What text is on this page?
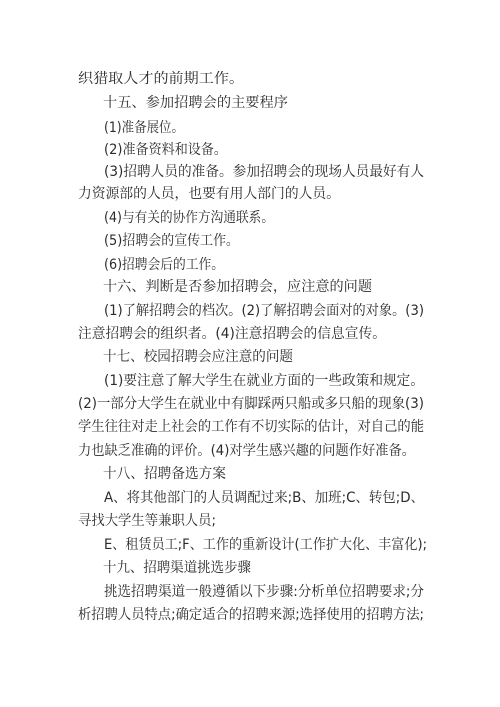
织猎取人才的前期工作。
十五、参加招聘会的主要程序
(1)准备展位。
(2)准备资料和设备。
(3)招聘人员的准备。参加招聘会的现场人员最好有人
力资源部的人员，也要有用人部门的人员。
(4)与有关的协作方沟通联系。
(5)招聘会的宣传工作。
(6)招聘会后的工作。
十六、判断是否参加招聘会，应注意的问题
(1)了解招聘会的档次。(2)了解招聘会面对的对象。(3)
注意招聘会的组织者。(4)注意招聘会的信息宣传。
十七、校园招聘会应注意的问题
(1)要注意了解大学生在就业方面的一些政策和规定。
(2)一部分大学生在就业中有脚踩两只船或多只船的现象(3)
学生往往对走上社会的工作有不切实际的估计，对自己的能
力也缺乏准确的评价。(4)对学生感兴趣的问题作好准备。
十八、招聘备选方案
A、将其他部门的人员调配过来;B、加班;C、转包;D、
寻找大学生等兼职人员;
E、租赁员工;F、工作的重新设计(工作扩大化、丰富化);
十九、招聘渠道挑选步骤
挑选招聘渠道一般遵循以下步骤:分析单位招聘要求;分
析招聘人员特点;确定适合的招聘来源;选择使用的招聘方法;
